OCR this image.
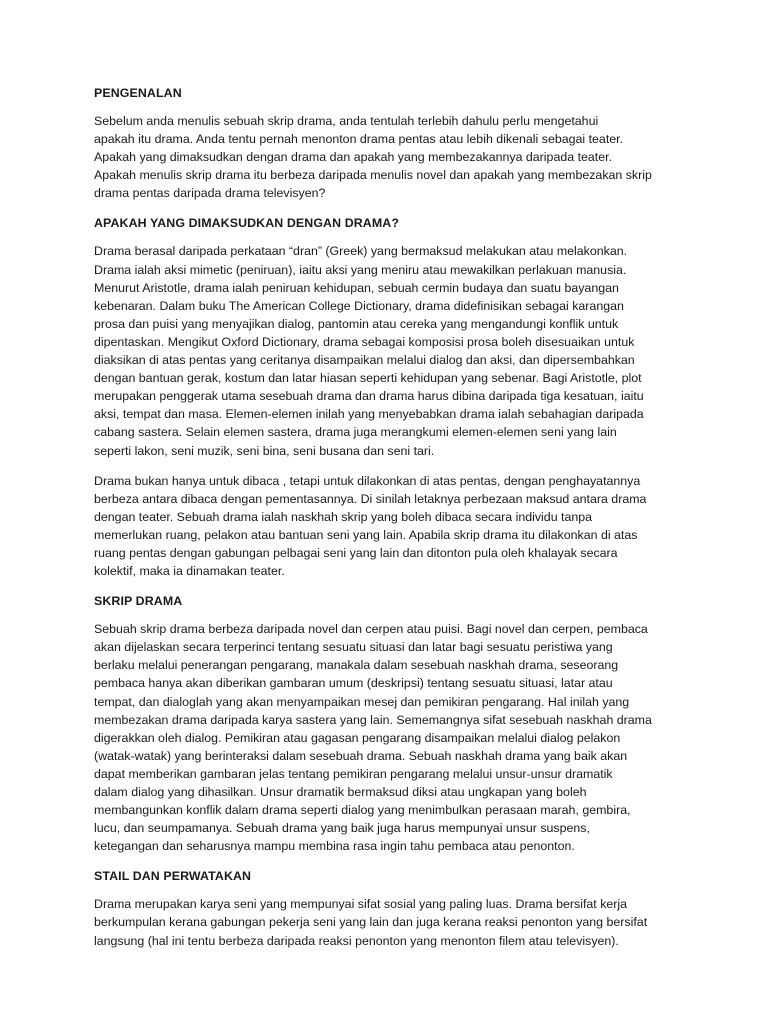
PENGENALAN
Sebelum anda menulis sebuah skrip drama, anda tentulah terlebih dahulu perlu mengetahui
apakah itu drama. Anda tentu pernah menonton drama pentas atau lebih dikenali sebagai teater.
Apakah yang dimaksudkan dengan drama dan apakah yang membezakannya daripada teater.
Apakah menulis skrip drama itu berbeza daripada menulis novel dan apakah yang membezakan skrip
drama pentas daripada drama televisyen?
APAKAH YANG DIMAKSUDKAN DENGAN DRAMA?
Drama berasal daripada perkataan “dran” (Greek) yang bermaksud melakukan atau melakonkan.
Drama ialah aksi mimetic (peniruan), iaitu aksi yang meniru atau mewakilkan perlakuan manusia.
Menurut Aristotle, drama ialah peniruan kehidupan, sebuah cermin budaya dan suatu bayangan
kebenaran. Dalam buku The American College Dictionary, drama didefinisikan sebagai karangan
prosa dan puisi yang menyajikan dialog, pantomin atau cereka yang mengandungi konflik untuk
dipentaskan. Mengikut Oxford Dictionary, drama sebagai komposisi prosa boleh disesuaikan untuk
diaksikan di atas pentas yang ceritanya disampaikan melalui dialog dan aksi, dan dipersembahkan
dengan bantuan gerak, kostum dan latar hiasan seperti kehidupan yang sebenar. Bagi Aristotle, plot
merupakan penggerak utama sesebuah drama dan drama harus dibina daripada tiga kesatuan, iaitu
aksi, tempat dan masa. Elemen-elemen inilah yang menyebabkan drama ialah sebahagian daripada
cabang sastera. Selain elemen sastera, drama juga merangkumi elemen-elemen seni yang lain
seperti lakon, seni muzik, seni bina, seni busana dan seni tari.
Drama bukan hanya untuk dibaca , tetapi untuk dilakonkan di atas pentas, dengan penghayatannya
berbeza antara dibaca dengan pementasannya. Di sinilah letaknya perbezaan maksud antara drama
dengan teater. Sebuah drama ialah naskhah skrip yang boleh dibaca secara individu tanpa
memerlukan ruang, pelakon atau bantuan seni yang lain. Apabila skrip drama itu dilakonkan di atas
ruang pentas dengan gabungan pelbagai seni yang lain dan ditonton pula oleh khalayak secara
kolektif, maka ia dinamakan teater.
SKRIP DRAMA
Sebuah skrip drama berbeza daripada novel dan cerpen atau puisi. Bagi novel dan cerpen, pembaca
akan dijelaskan secara terperinci tentang sesuatu situasi dan latar bagi sesuatu peristiwa yang
berlaku melalui penerangan pengarang, manakala dalam sesebuah naskhah drama, seseorang
pembaca hanya akan diberikan gambaran umum (deskripsi) tentang sesuatu situasi, latar atau
tempat, dan dialoglah yang akan menyampaikan mesej dan pemikiran pengarang. Hal inilah yang
membezakan drama daripada karya sastera yang lain. Sememangnya sifat sesebuah naskhah drama
digerakkan oleh dialog. Pemikiran atau gagasan pengarang disampaikan melalui dialog pelakon
(watak-watak) yang berinteraksi dalam sesebuah drama. Sebuah naskhah drama yang baik akan
dapat memberikan gambaran jelas tentang pemikiran pengarang melalui unsur-unsur dramatik
dalam dialog yang dihasilkan. Unsur dramatik bermaksud diksi atau ungkapan yang boleh
membangunkan konflik dalam drama seperti dialog yang menimbulkan perasaan marah, gembira,
lucu, dan seumpamanya. Sebuah drama yang baik juga harus mempunyai unsur suspens,
ketegangan dan seharusnya mampu membina rasa ingin tahu pembaca atau penonton.
STAIL DAN PERWATAKAN
Drama merupakan karya seni yang mempunyai sifat sosial yang paling luas. Drama bersifat kerja
berkumpulan kerana gabungan pekerja seni yang lain dan juga kerana reaksi penonton yang bersifat
langsung (hal ini tentu berbeza daripada reaksi penonton yang menonton filem atau televisyen).
